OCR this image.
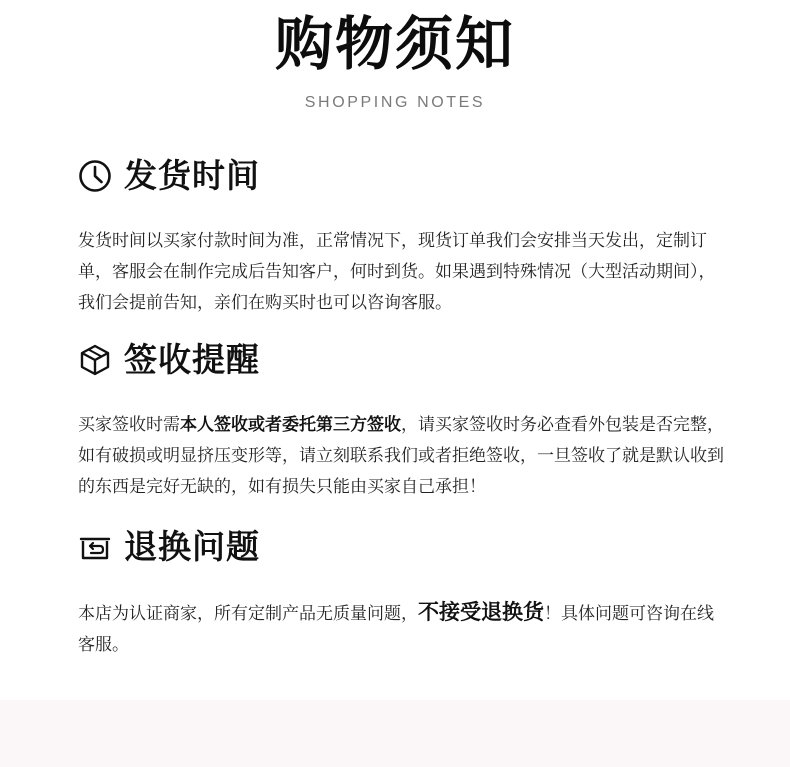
购物须知
SHOPPING NOTES
发货时间
发货时间以买家付款时间为准，正常情况下，现货订单我们会安排当天发出，定制订单，客服会在制作完成后告知客户，何时到货。如果遇到特殊情况（大型活动期间），我们会提前告知，亲们在购买时也可以咨询客服。
签收提醒
买家签收时需本人签收或者委托第三方签收，请买家签收时务必查看外包装是否完整，如有破损或明显挤压变形等，请立刻联系我们或者拒绝签收，一旦签收了就是默认收到的东西是完好无缺的，如有损失只能由买家自己承担！
退换问题
本店为认证商家，所有定制产品无质量问题，不接受退换货！具体问题可咨询在线客服。
